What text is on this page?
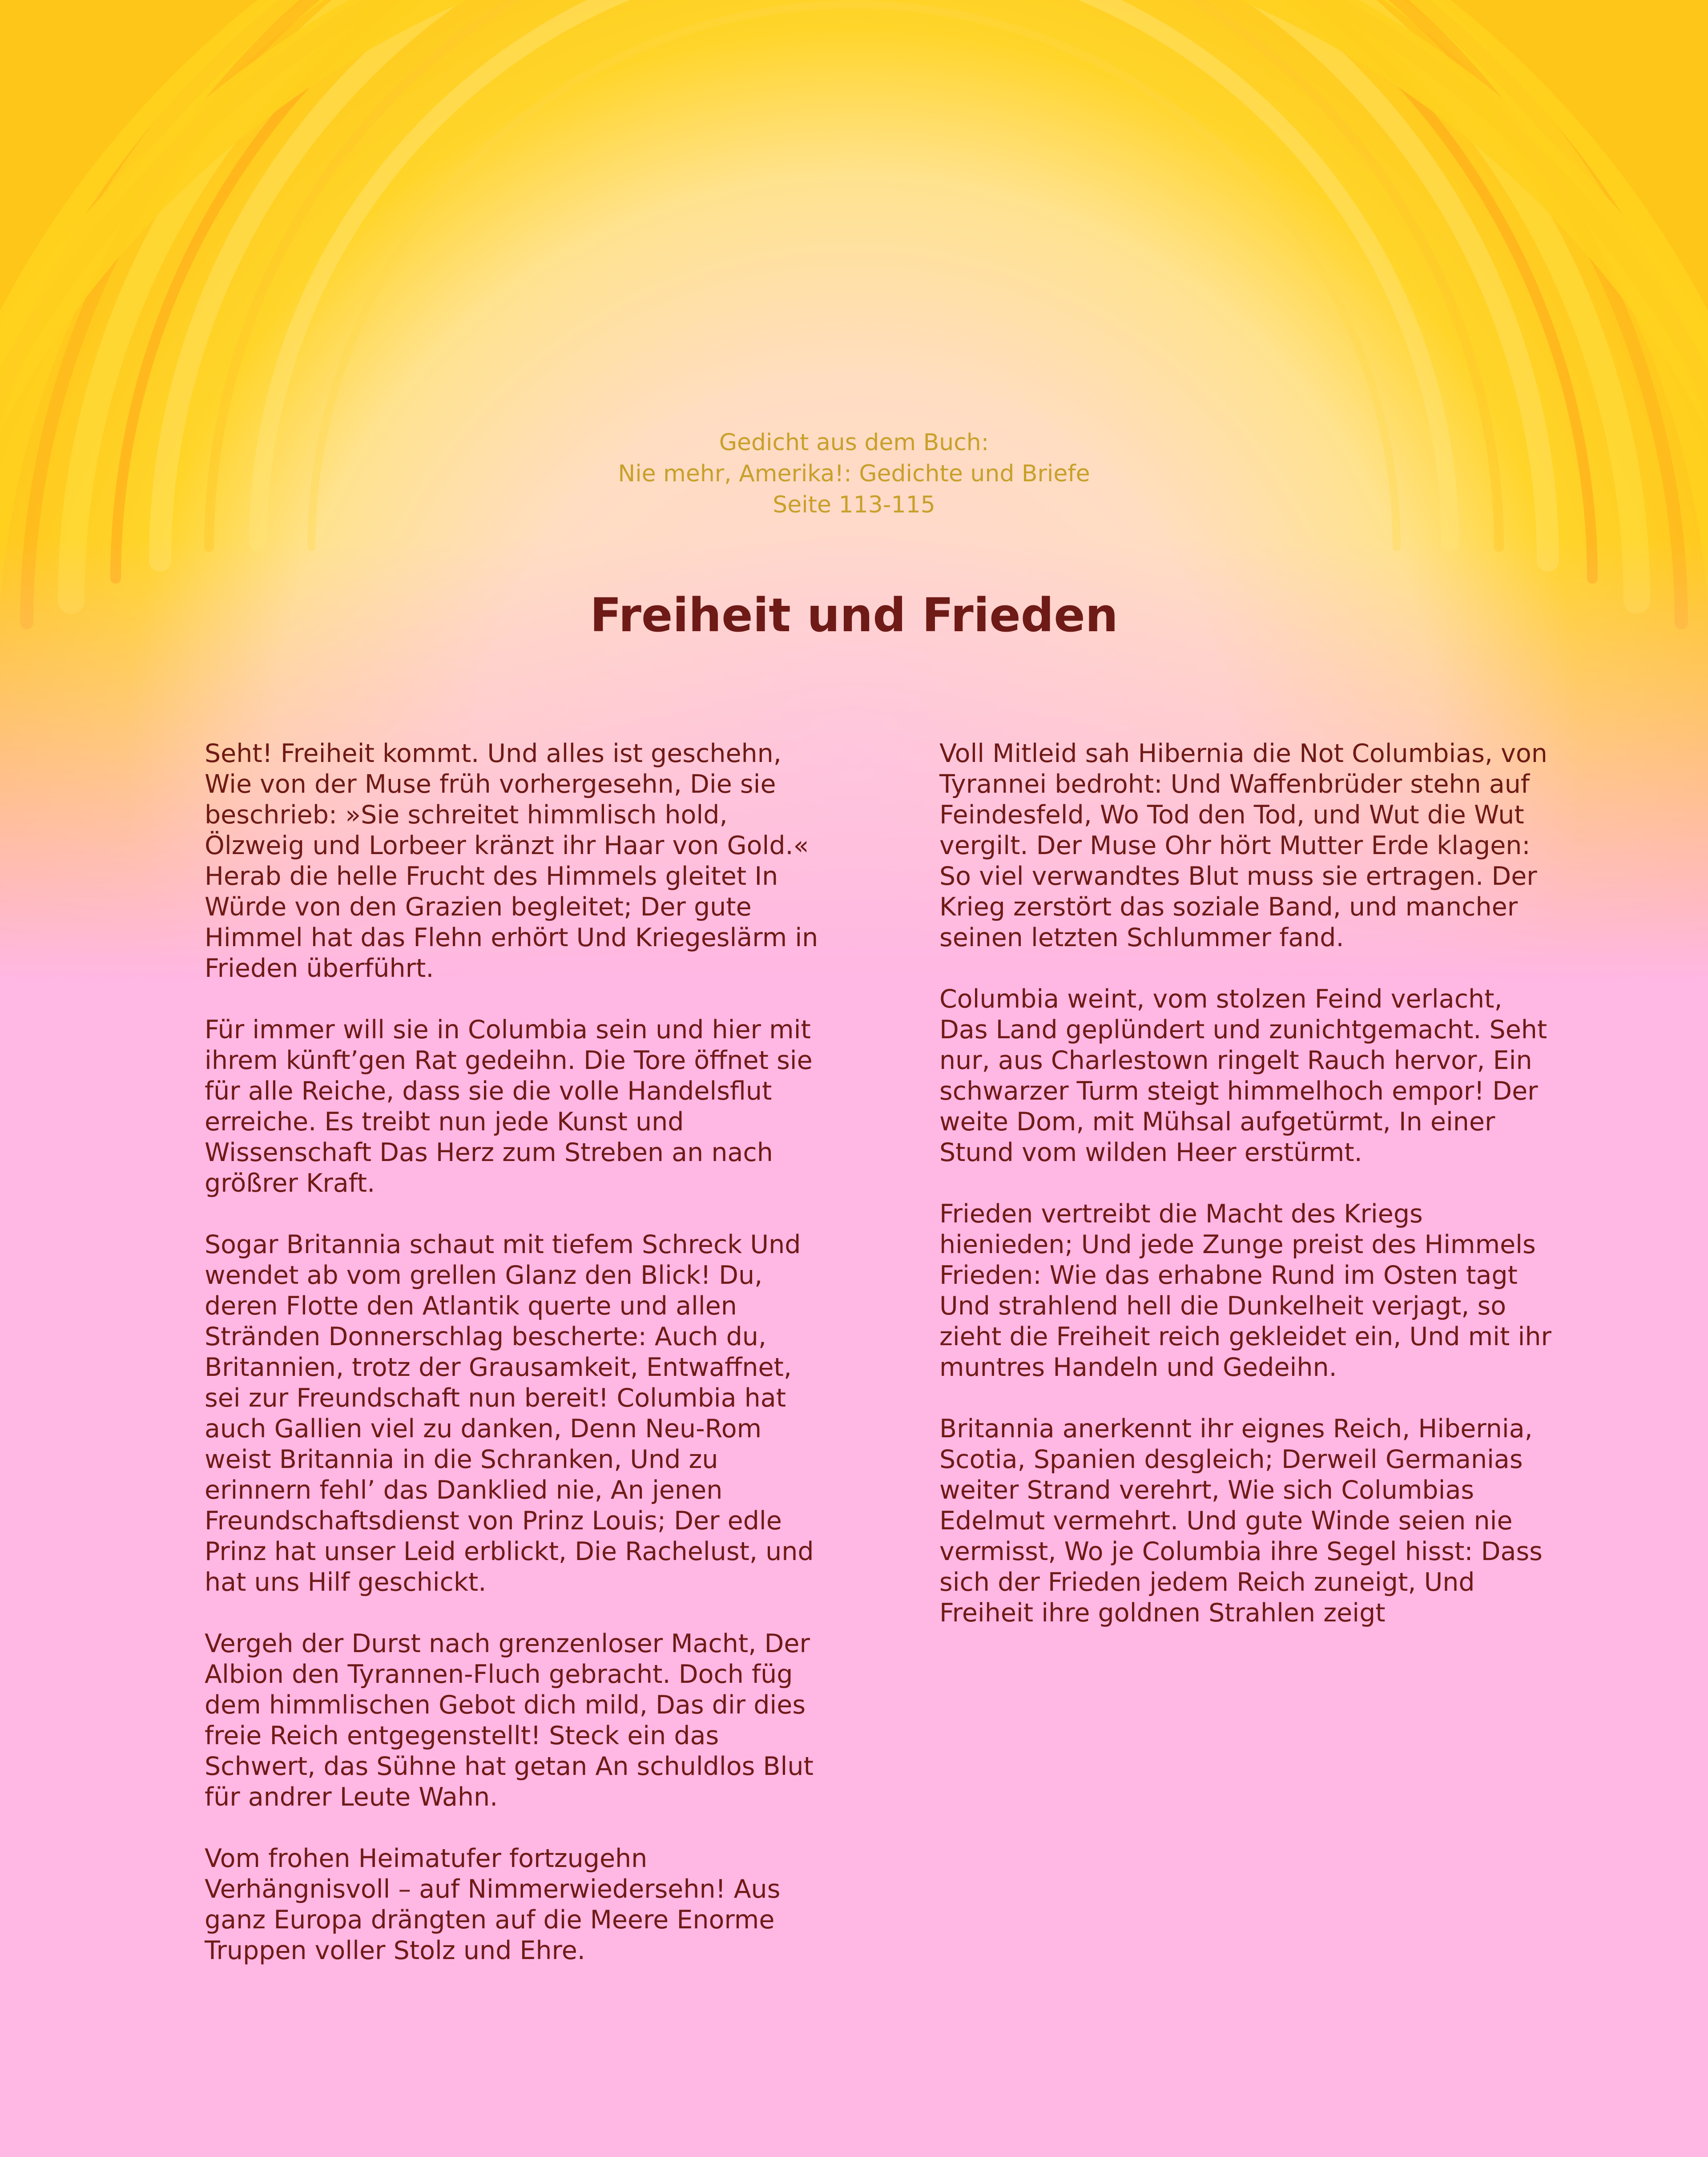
Gedicht aus dem Buch:
Nie mehr, Amerika!: Gedichte und Briefe
Seite 113-115
Freiheit und Frieden

Seht! Freiheit kommt. Und alles ist geschehn, Wie von der Muse früh vorhergesehn, Die sie beschrieb: »Sie schreitet himmlisch hold, Ölzweig und Lorbeer kränzt ihr Haar von Gold.« Herab die helle Frucht des Himmels gleitet In Würde von den Grazien begleitet; Der gute Himmel hat das Flehn erhört Und Kriegeslärm in Frieden überführt.

Für immer will sie in Columbia sein und hier mit ihrem künft’gen Rat gedeihn. Die Tore öffnet sie für alle Reiche, dass sie die volle Handelsflut erreiche. Es treibt nun jede Kunst und Wissenschaft Das Herz zum Streben an nach größrer Kraft.

Sogar Britannia schaut mit tiefem Schreck Und wendet ab vom grellen Glanz den Blick! Du, deren Flotte den Atlantik querte und allen Stränden Donnerschlag bescherte: Auch du, Britannien, trotz der Grausamkeit, Entwaffnet, sei zur Freundschaft nun bereit! Columbia hat auch Gallien viel zu danken, Denn Neu-Rom weist Britannia in die Schranken, Und zu erinnern fehl’ das Danklied nie, An jenen Freundschaftsdienst von Prinz Louis; Der edle Prinz hat unser Leid erblickt, Die Rachelust, und hat uns Hilf geschickt.

Vergeh der Durst nach grenzenloser Macht, Der Albion den Tyrannen-Fluch gebracht. Doch füg dem himmlischen Gebot dich mild, Das dir dies freie Reich entgegenstellt! Steck ein das Schwert, das Sühne hat getan An schuldlos Blut für andrer Leute Wahn.

Vom frohen Heimatufer fortzugehn Verhängnisvoll – auf Nimmerwiedersehn! Aus ganz Europa drängten auf die Meere Enorme Truppen voller Stolz und Ehre.

Voll Mitleid sah Hibernia die Not Columbias, von Tyrannei bedroht: Und Waffenbrüder stehn auf Feindesfeld, Wo Tod den Tod, und Wut die Wut vergilt. Der Muse Ohr hört Mutter Erde klagen: So viel verwandtes Blut muss sie ertragen. Der Krieg zerstört das soziale Band, und mancher seinen letzten Schlummer fand.

Columbia weint, vom stolzen Feind verlacht, Das Land geplündert und zunichtgemacht. Seht nur, aus Charlestown ringelt Rauch hervor, Ein schwarzer Turm steigt himmelhoch empor! Der weite Dom, mit Mühsal aufgetürmt, In einer Stund vom wilden Heer erstürmt.

Frieden vertreibt die Macht des Kriegs hienieden; Und jede Zunge preist des Himmels Frieden: Wie das erhabne Rund im Osten tagt Und strahlend hell die Dunkelheit verjagt, so zieht die Freiheit reich gekleidet ein, Und mit ihr muntres Handeln und Gedeihn.

Britannia anerkennt ihr eignes Reich, Hibernia, Scotia, Spanien desgleich; Derweil Germanias weiter Strand verehrt, Wie sich Columbias Edelmut vermehrt. Und gute Winde seien nie vermisst, Wo je Columbia ihre Segel hisst: Dass sich der Frieden jedem Reich zuneigt, Und Freiheit ihre goldnen Strahlen zeigt
